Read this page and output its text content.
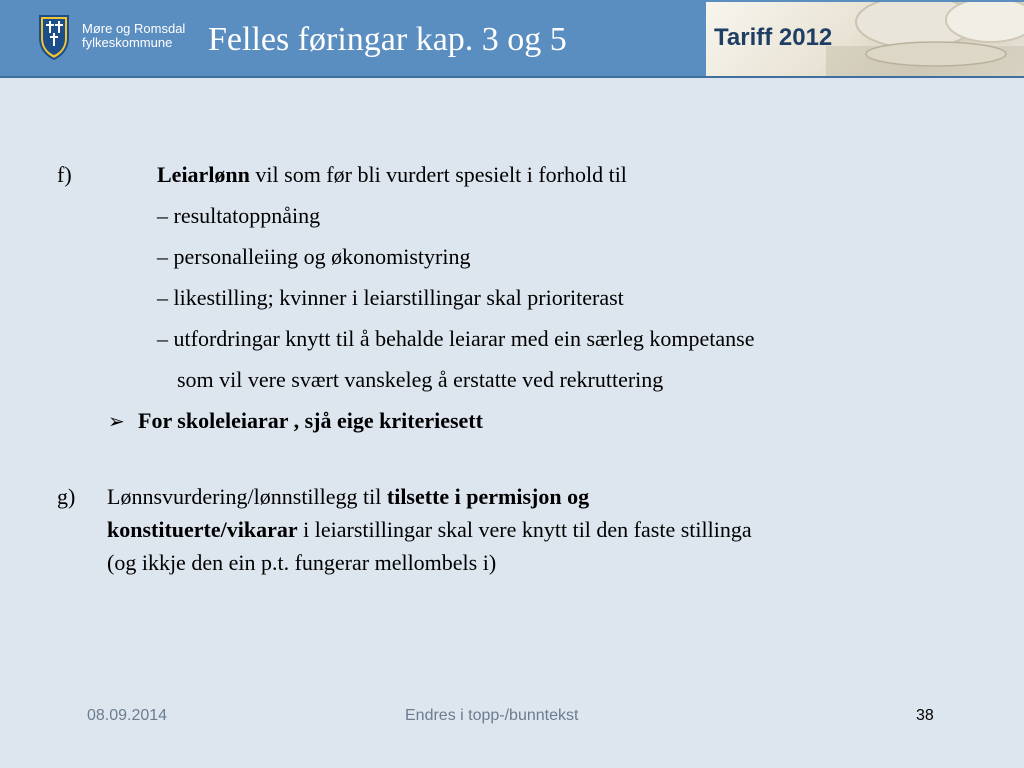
Møre og Romsdal
fylkeskommune	Felles føringar kap. 3 og 5	Tariff 2012
f)	Leiarlønn vil som før bli vurdert spesielt i forhold til
– resultatoppnåing
– personalleiing og økonomistyring
– likestilling; kvinner i leiarstillingar skal prioriterast
– utfordringar knytt til å behalde leiarar med ein særleg kompetanse
som vil vere svært vanskeleg å erstatte ved rekruttering
➢ For skoleleiarar , sjå eige kriteriesett
g) Lønnsvurdering/lønnstillegg til tilsette i permisjon og
konstituerte/vikarar i leiarstillingar skal vere knytt til den faste stillinga
(og ikkje den ein p.t. fungerar mellombels i)
08.09.2014	Endres i topp-/bunntekst	38
